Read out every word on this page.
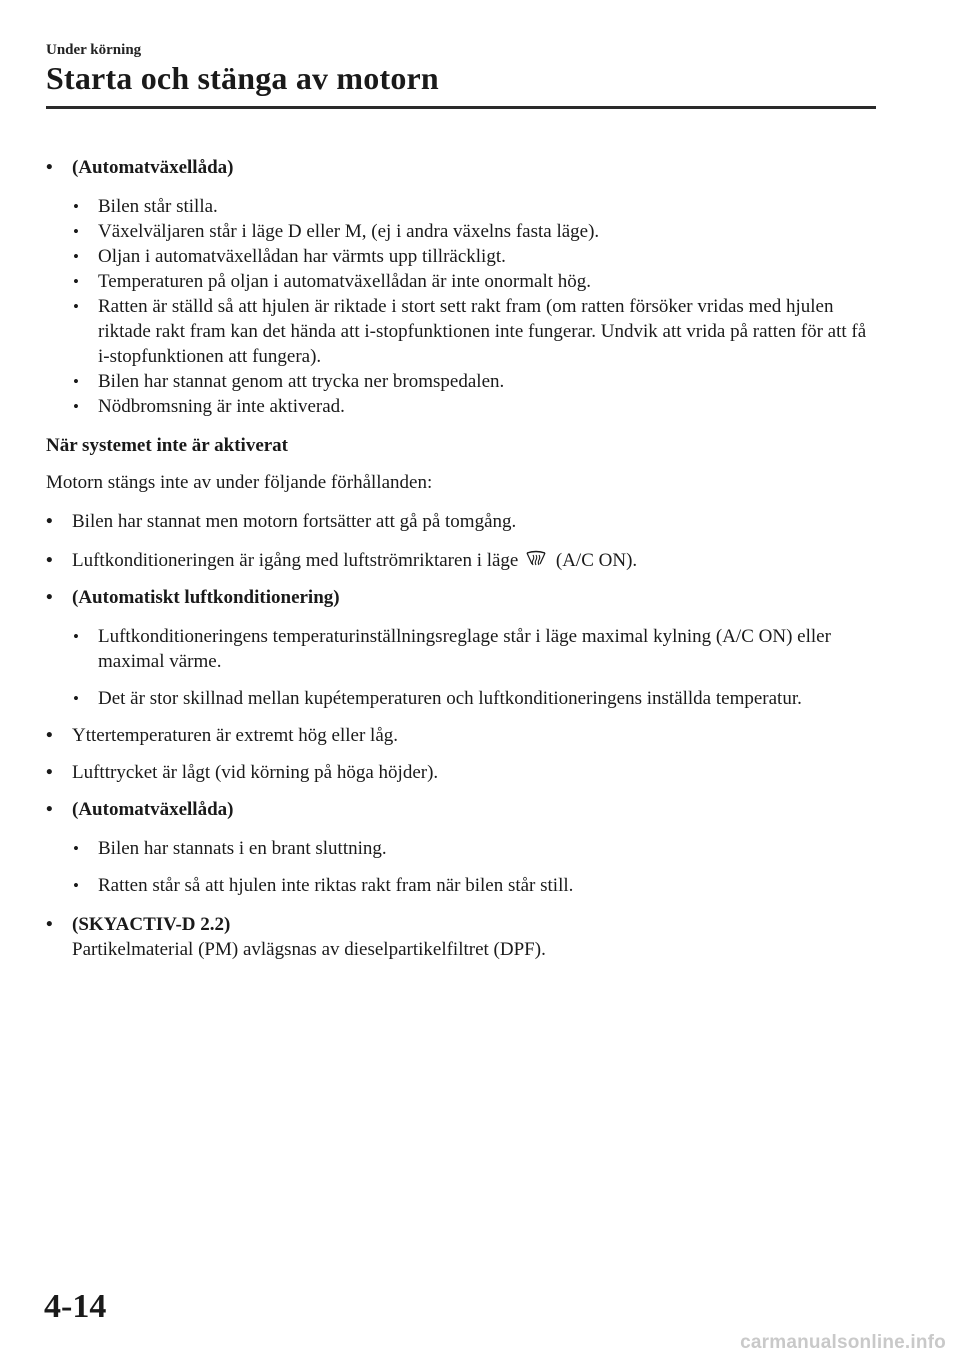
Under körning
Starta och stänga av motorn
• (Automatväxellåda)
• Bilen står stilla.
• Växelväljaren står i läge D eller M, (ej i andra växelns fasta läge).
• Oljan i automatväxellådan har värmts upp tillräckligt.
• Temperaturen på oljan i automatväxellådan är inte onormalt hög.
• Ratten är ställd så att hjulen är riktade i stort sett rakt fram (om ratten försöker vridas med hjulen riktade rakt fram kan det hända att i-stopfunktionen inte fungerar. Undvik att vrida på ratten för att få i-stopfunktionen att fungera).
• Bilen har stannat genom att trycka ner bromspedalen.
• Nödbromsning är inte aktiverad.
När systemet inte är aktiverat
Motorn stängs inte av under följande förhållanden:
• Bilen har stannat men motorn fortsätter att gå på tomgång.
• Luftkonditioneringen är igång med luftströmriktaren i läge (A/C ON).
• (Automatiskt luftkonditionering)
• Luftkonditioneringens temperaturinställningsreglage står i läge maximal kylning (A/C ON) eller maximal värme.
• Det är stor skillnad mellan kupétemperaturen och luftkonditioneringens inställda temperatur.
• Yttertemperaturen är extremt hög eller låg.
• Lufttrycket är lågt (vid körning på höga höjder).
• (Automatväxellåda)
• Bilen har stannats i en brant sluttning.
• Ratten står så att hjulen inte riktas rakt fram när bilen står still.
• (SKYACTIV-D 2.2)
Partikelmaterial (PM) avlägsnas av dieselpartikelfiltret (DPF).
4-14
carmanualsonline.info
